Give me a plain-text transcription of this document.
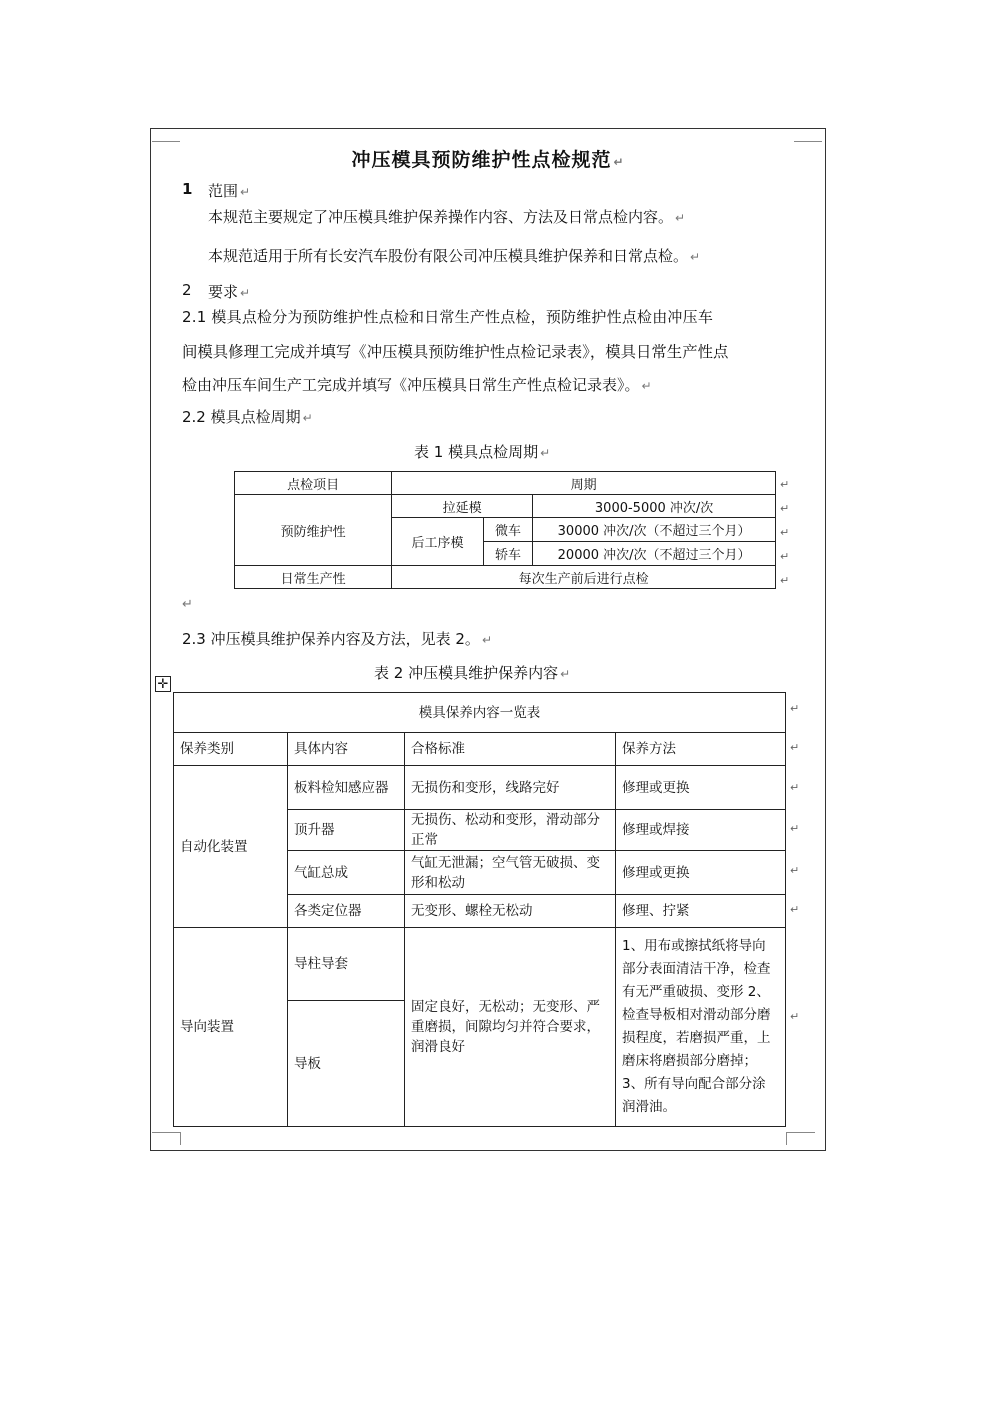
冲压模具预防维护性点检规范 ↵
1 范围 ↵
本规范主要规定了冲压模具维护保养操作内容、方法及日常点检内容。 ↵
本规范适用于所有长安汽车股份有限公司冲压模具维护保养和日常点检。 ↵
2 要求 ↵
2.1 模具点检分为预防维护性点检和日常生产性点检，预防维护性点检由冲压车
间模具修理工完成并填写《冲压模具预防维护性点检记录表》，模具日常生产性点
检由冲压车间生产工完成并填写《冲压模具日常生产性点检记录表》。 ↵
2.2 模具点检周期 ↵
表 1 模具点检周期 ↵
点检项目	周期		
预防维护性	拉延模		3000-5000 冲次/次
	后工序模	微车	30000 冲次/次（不超过三个月）
		轿车	20000 冲次/次（不超过三个月）
日常生产性	每次生产前后进行点检		
↵
↵
↵
↵
↵
↵
2.3 冲压模具维护保养内容及方法，见表 2。 ↵
表 2 冲压模具维护保养内容 ↵
✛
模具保养内容一览表			
保养类别	具体内容	合格标准	保养方法
自动化装置	板料检知感应器	无损伤和变形，线路完好	修理或更换
	顶升器	无损伤、松动和变形，滑动部分正常	修理或焊接
	气缸总成	气缸无泄漏；空气管无破损、变形和松动	修理或更换
	各类定位器	无变形、螺栓无松动	修理、拧紧
导向装置	导柱导套	固定良好，无松动；无变形、严重磨损，间隙均匀并符合要求，润滑良好	1、用布或擦拭纸将导向部分表面清洁干净，检查有无严重破损、变形 2、检查导板相对滑动部分磨损程度，若磨损严重，上磨床将磨损部分磨掉； 3、所有导向配合部分涂润滑油。
	导板		
↵
↵
↵
↵
↵
↵
↵
